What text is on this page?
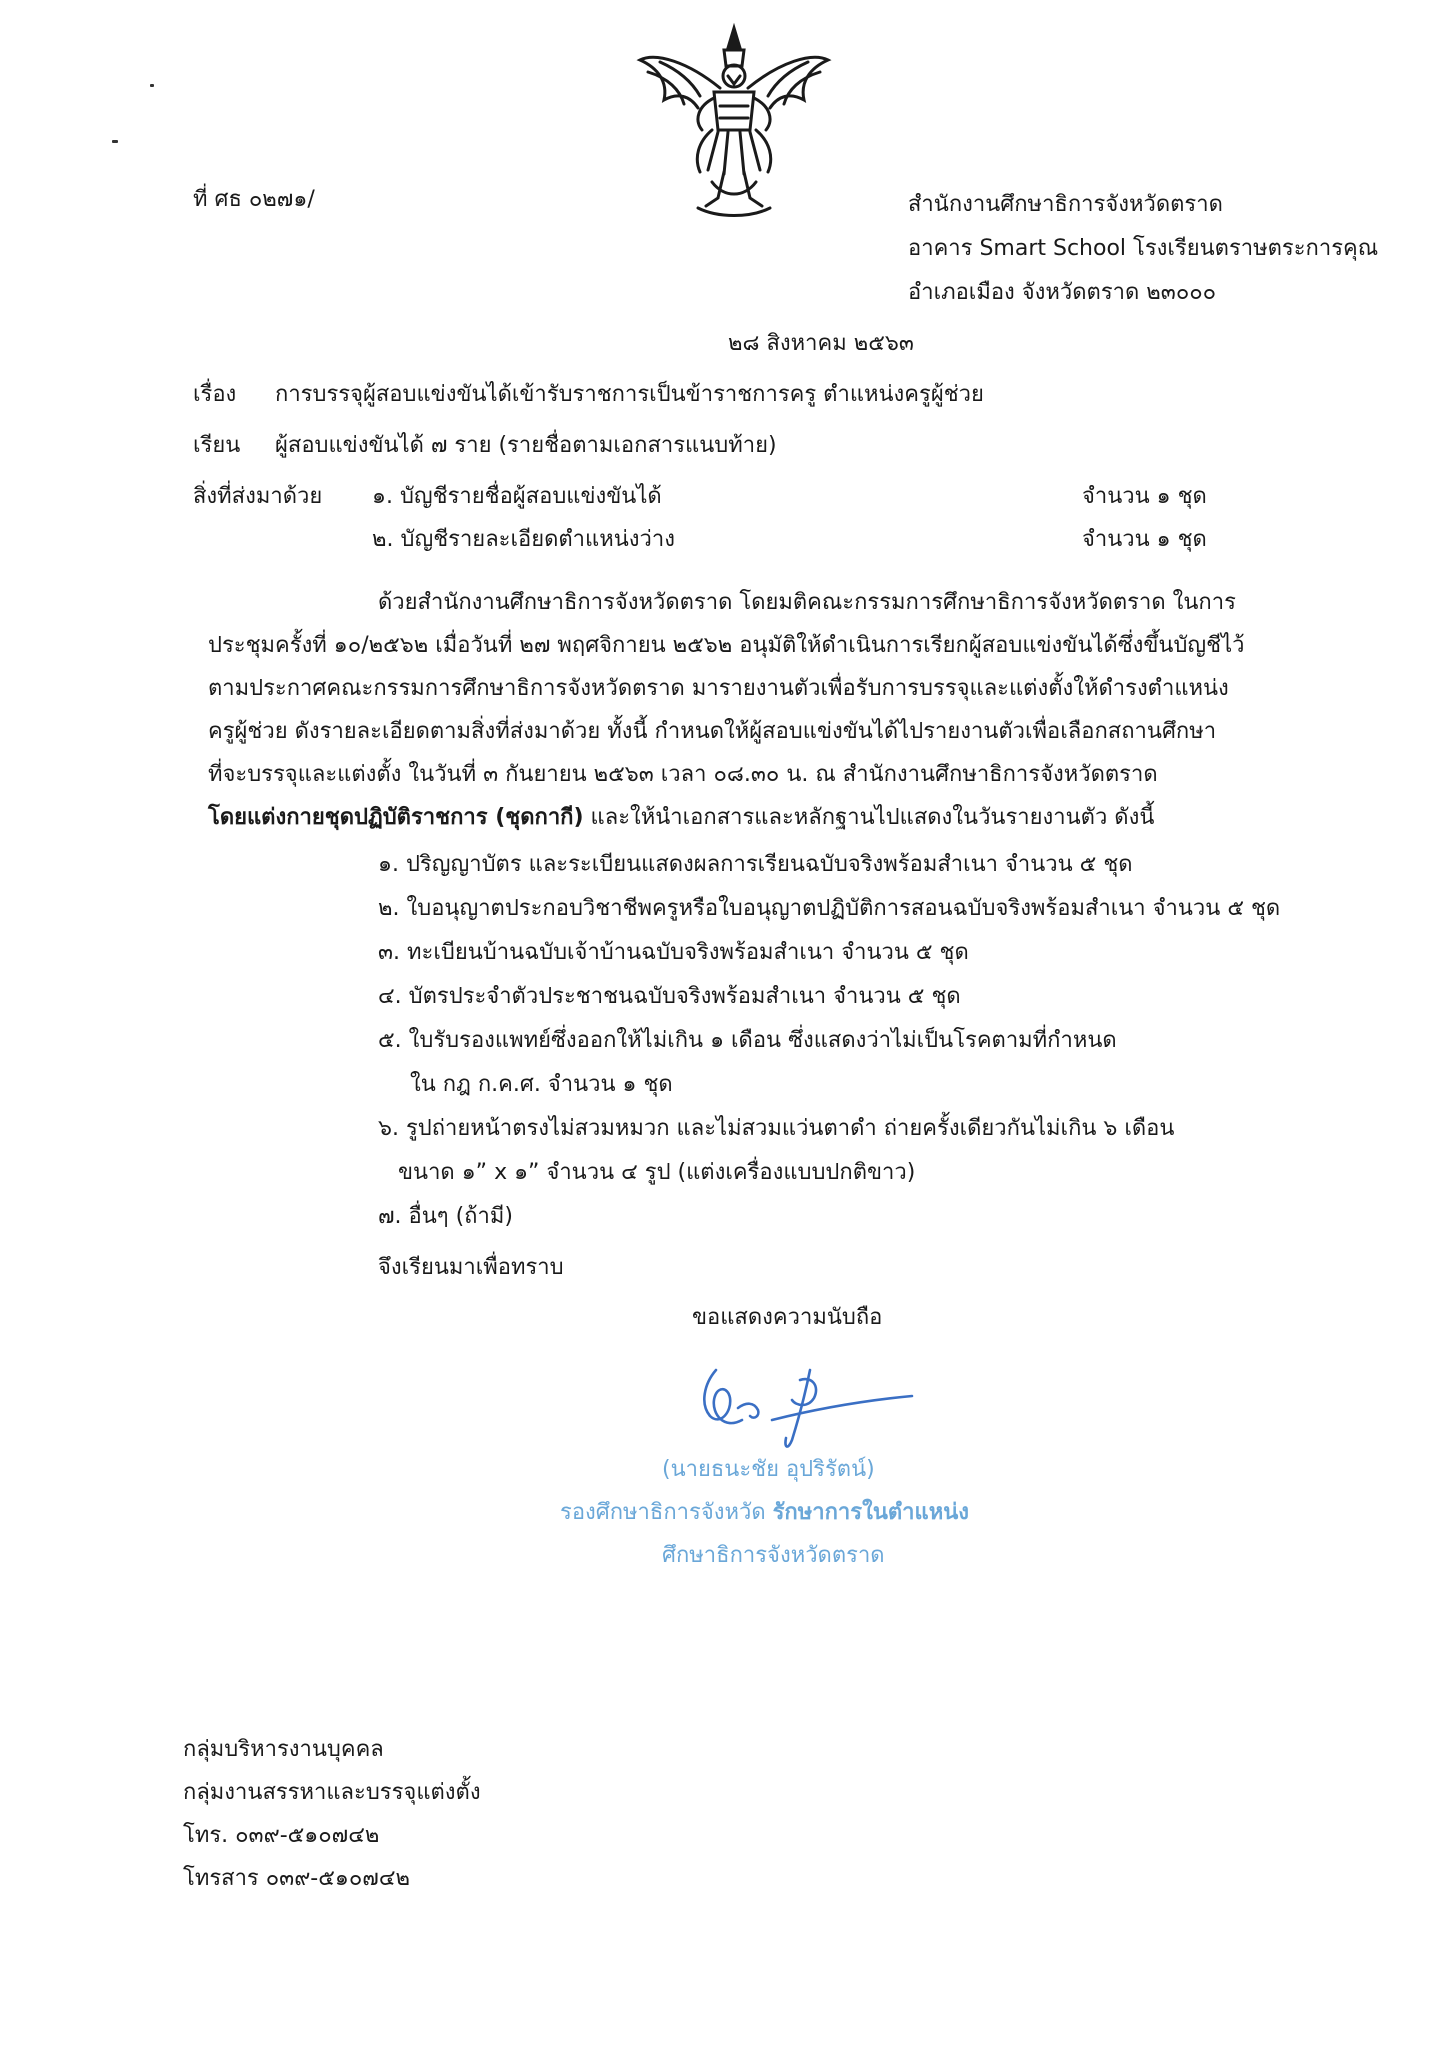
ที่ ศธ ๐๒๗๑/	สำนักงานศึกษาธิการจังหวัดตราด
อาคาร Smart School โรงเรียนตราษตระการคุณ
อำเภอเมือง จังหวัดตราด ๒๓๐๐๐
๒๘ สิงหาคม ๒๕๖๓
เรื่อง การบรรจุผู้สอบแข่งขันได้เข้ารับราชการเป็นข้าราชการครู ตำแหน่งครูผู้ช่วย
เรียน ผู้สอบแข่งขันได้ ๗ ราย (รายชื่อตามเอกสารแนบท้าย)
สิ่งที่ส่งมาด้วย ๑. บัญชีรายชื่อผู้สอบแข่งขันได้	จำนวน ๑ ชุด
๒. บัญชีรายละเอียดตำแหน่งว่าง	จำนวน ๑ ชุด
ด้วยสำนักงานศึกษาธิการจังหวัดตราด โดยมติคณะกรรมการศึกษาธิการจังหวัดตราด ในการ
ประชุมครั้งที่ ๑๐/๒๕๖๒ เมื่อวันที่ ๒๗ พฤศจิกายน ๒๕๖๒ อนุมัติให้ดำเนินการเรียกผู้สอบแข่งขันได้ซึ่งขึ้นบัญชีไว้
ตามประกาศคณะกรรมการศึกษาธิการจังหวัดตราด มารายงานตัวเพื่อรับการบรรจุและแต่งตั้งให้ดำรงตำแหน่ง
ครูผู้ช่วย ดังรายละเอียดตามสิ่งที่ส่งมาด้วย ทั้งนี้ กำหนดให้ผู้สอบแข่งขันได้ไปรายงานตัวเพื่อเลือกสถานศึกษา
ที่จะบรรจุและแต่งตั้ง ในวันที่ ๓ กันยายน ๒๕๖๓ เวลา ๐๘.๓๐ น. ณ สำนักงานศึกษาธิการจังหวัดตราด
โดยแต่งกายชุดปฏิบัติราชการ (ชุดกากี) และให้นำเอกสารและหลักฐานไปแสดงในวันรายงานตัว ดังนี้
๑. ปริญญาบัตร และระเบียนแสดงผลการเรียนฉบับจริงพร้อมสำเนา จำนวน ๕ ชุด
๒. ใบอนุญาตประกอบวิชาชีพครูหรือใบอนุญาตปฏิบัติการสอนฉบับจริงพร้อมสำเนา จำนวน ๕ ชุด
๓. ทะเบียนบ้านฉบับเจ้าบ้านฉบับจริงพร้อมสำเนา จำนวน ๕ ชุด
๔. บัตรประจำตัวประชาชนฉบับจริงพร้อมสำเนา จำนวน ๕ ชุด
๕. ใบรับรองแพทย์ซึ่งออกให้ไม่เกิน ๑ เดือน ซึ่งแสดงว่าไม่เป็นโรคตามที่กำหนด
ใน กฎ ก.ค.ศ. จำนวน ๑ ชุด
๖. รูปถ่ายหน้าตรงไม่สวมหมวก และไม่สวมแว่นตาดำ ถ่ายครั้งเดียวกันไม่เกิน ๖ เดือน
ขนาด ๑” x ๑” จำนวน ๔ รูป (แต่งเครื่องแบบปกติขาว)
๗. อื่นๆ (ถ้ามี)
จึงเรียนมาเพื่อทราบ
ขอแสดงความนับถือ
(นายธนะชัย อุปริรัตน์)
รองศึกษาธิการจังหวัด รักษาการในตำแหน่ง
ศึกษาธิการจังหวัดตราด
กลุ่มบริหารงานบุคคล
กลุ่มงานสรรหาและบรรจุแต่งตั้ง
โทร. ๐๓๙-๕๑๐๗๔๒
โทรสาร ๐๓๙-๕๑๐๗๔๒
